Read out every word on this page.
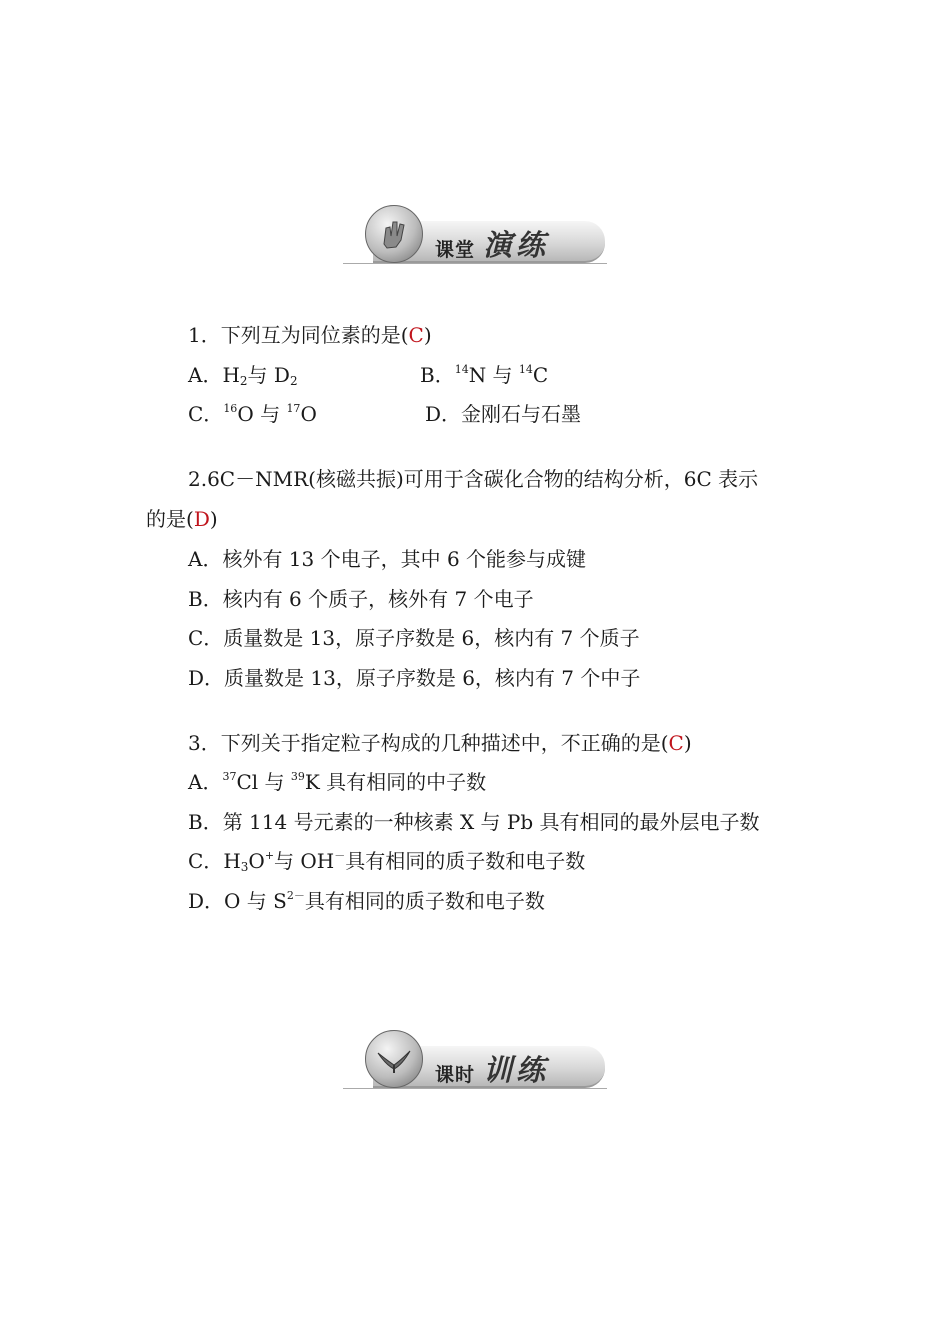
课堂 演练
1．下列互为同位素的是(C)
A．$H_2$与 $D_2$	B．$^{14}$N 与 $^{14}$C
C．$^{16}$O 与 $^{17}$O	D．金刚石与石墨
2.6C－NMR(核磁共振)可用于含碳化合物的结构分析，6C 表示
的是(D)
A．核外有 13 个电子，其中 6 个能参与成键
B．核内有 6 个质子，核外有 7 个电子
C．质量数是 13，原子序数是 6，核内有 7 个质子
D．质量数是 13，原子序数是 6，核内有 7 个中子
3．下列关于指定粒子构成的几种描述中，不正确的是(C)
A．$^{37}$Cl 与 $^{39}$K 具有相同的中子数
B．第 114 号元素的一种核素 X 与 Pb 具有相同的最外层电子数
C．$H_3O^+$与 OH－具有相同的质子数和电子数
D．O 与 $S^{2-}$具有相同的质子数和电子数
课时 训练
